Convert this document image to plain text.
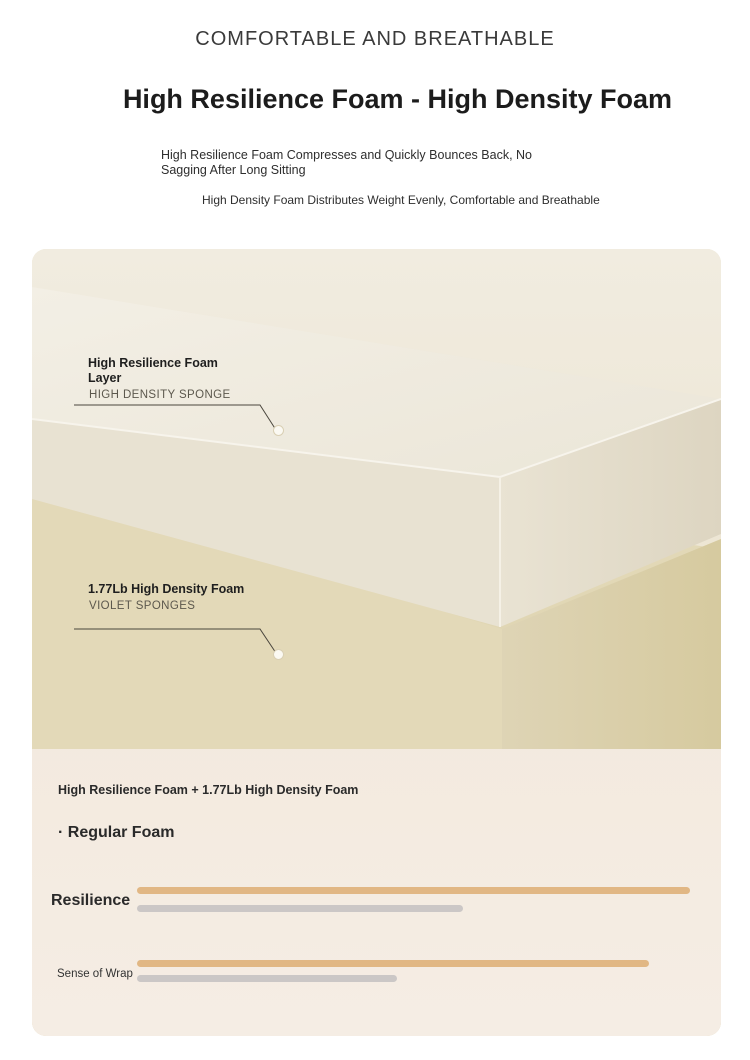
COMFORTABLE AND BREATHABLE
High Resilience Foam - High Density Foam
High Resilience Foam Compresses and Quickly Bounces Back, No Sagging After Long Sitting
High Density Foam Distributes Weight Evenly, Comfortable and Breathable
High Resilience Foam Layer
HIGH DENSITY SPONGE
1.77Lb High Density Foam
VIOLET SPONGES
High Resilience Foam + 1.77Lb High Density Foam
· Regular Foam
Resilience
Sense of Wrap
